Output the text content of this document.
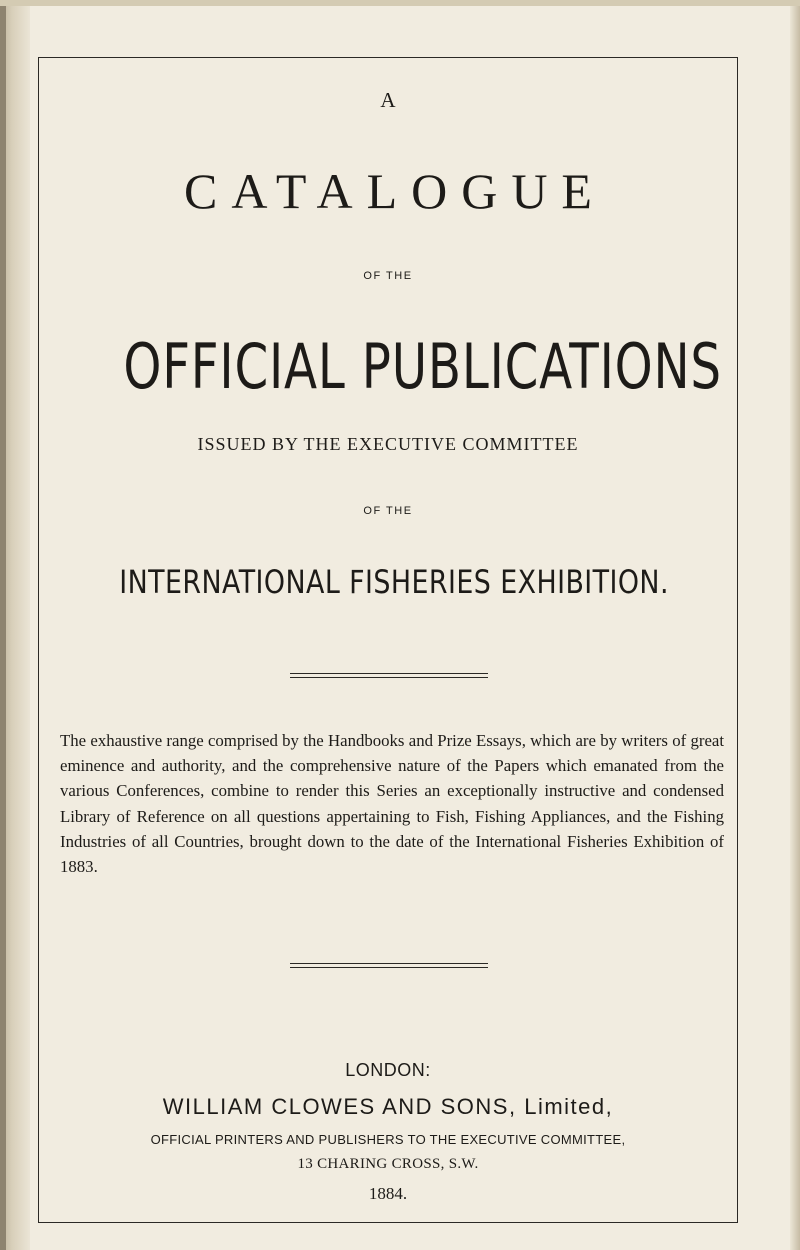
A

CATALOGUE

OF THE

OFFICIAL PUBLICATIONS

ISSUED BY THE EXECUTIVE COMMITTEE

OF THE

INTERNATIONAL FISHERIES EXHIBITION.

The exhaustive range comprised by the Handbooks and Prize Essays, which are by writers of great eminence and authority, and the comprehensive nature of the Papers which emanated from the various Conferences, combine to render this Series an exceptionally instructive and condensed Library of Reference on all questions appertaining to Fish, Fishing Appliances, and the Fishing Industries of all Countries, brought down to the date of the International Fisheries Exhibition of 1883.

LONDON:

WILLIAM CLOWES AND SONS, Limited,

OFFICIAL PRINTERS AND PUBLISHERS TO THE EXECUTIVE COMMITTEE,

13 CHARING CROSS, S.W.

1884.
